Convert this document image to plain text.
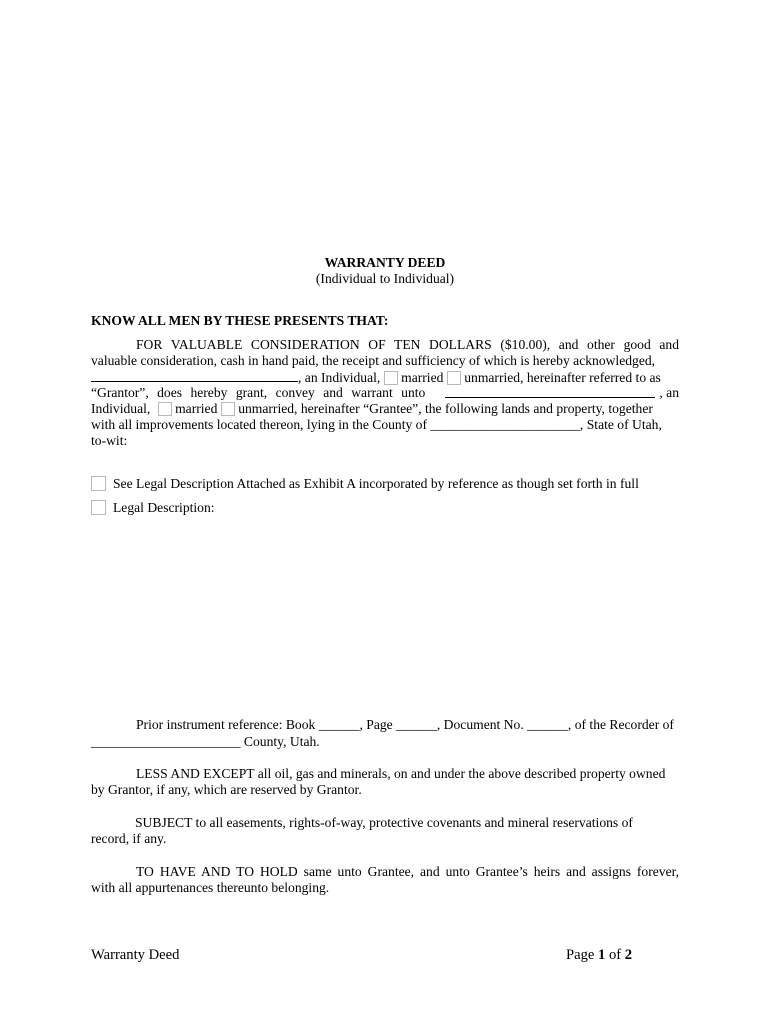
WARRANTY DEED
(Individual to Individual)
KNOW ALL MEN BY THESE PRESENTS THAT:
FOR VALUABLE CONSIDERATION OF TEN DOLLARS ($10.00), and other good and
valuable consideration, cash in hand paid, the receipt and sufficiency of which is hereby acknowledged,
, an Individual, married unmarried, hereinafter referred to as
“Grantor”, does hereby grant, convey and warrant unto	, an
Individual, married unmarried, hereinafter “Grantee”, the following lands and property, together
with all improvements located thereon, lying in the County of ______________________, State of Utah,
to-wit:
See Legal Description Attached as Exhibit A incorporated by reference as though set forth in full
Legal Description:
Prior instrument reference: Book ______, Page ______, Document No. ______, of the Recorder of
______________________ County, Utah.
LESS AND EXCEPT all oil, gas and minerals, on and under the above described property owned
by Grantor, if any, which are reserved by Grantor.
SUBJECT to all easements, rights-of-way, protective covenants and mineral reservations of
record, if any.
TO HAVE AND TO HOLD same unto Grantee, and unto Grantee’s heirs and assigns forever,
with all appurtenances thereunto belonging.
Warranty Deed	Page 1 of 2
